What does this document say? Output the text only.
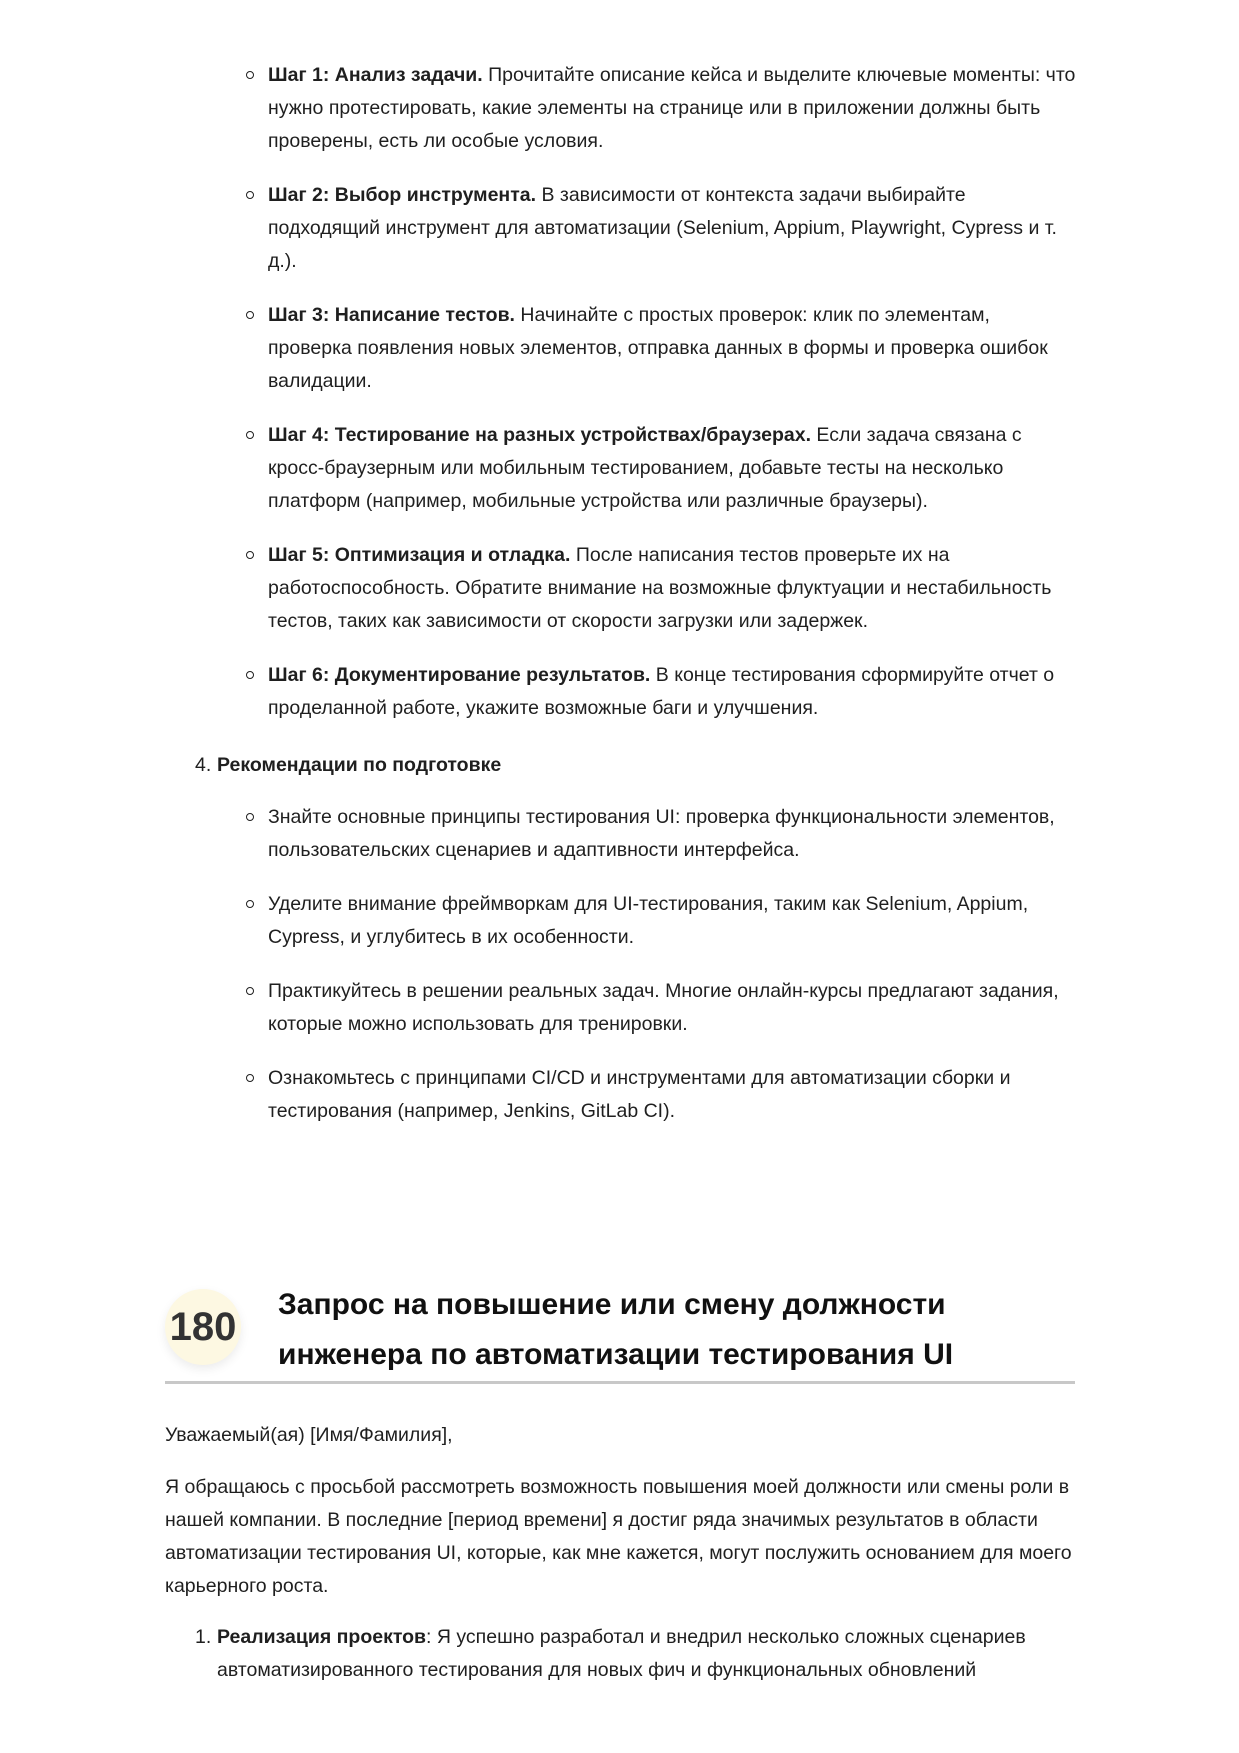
Шаг 1: Анализ задачи. Прочитайте описание кейса и выделите ключевые моменты: что нужно протестировать, какие элементы на странице или в приложении должны быть проверены, есть ли особые условия.
Шаг 2: Выбор инструмента. В зависимости от контекста задачи выбирайте подходящий инструмент для автоматизации (Selenium, Appium, Playwright, Cypress и т. д.).
Шаг 3: Написание тестов. Начинайте с простых проверок: клик по элементам, проверка появления новых элементов, отправка данных в формы и проверка ошибок валидации.
Шаг 4: Тестирование на разных устройствах/браузерах. Если задача связана с кросс-браузерным или мобильным тестированием, добавьте тесты на несколько платформ (например, мобильные устройства или различные браузеры).
Шаг 5: Оптимизация и отладка. После написания тестов проверьте их на работоспособность. Обратите внимание на возможные флуктуации и нестабильность тестов, таких как зависимости от скорости загрузки или задержек.
Шаг 6: Документирование результатов. В конце тестирования сформируйте отчет о проделанной работе, укажите возможные баги и улучшения.

4. Рекомендации по подготовке

Знайте основные принципы тестирования UI: проверка функциональности элементов, пользовательских сценариев и адаптивности интерфейса.
Уделите внимание фреймворкам для UI-тестирования, таким как Selenium, Appium, Cypress, и углубитесь в их особенности.
Практикуйтесь в решении реальных задач. Многие онлайн-курсы предлагают задания, которые можно использовать для тренировки.
Ознакомьтесь с принципами CI/CD и инструментами для автоматизации сборки и тестирования (например, Jenkins, GitLab CI).
180 Запрос на повышение или смену должности
инженера по автоматизации тестирования UI

Уважаемый(ая) [Имя/Фамилия],

Я обращаюсь с просьбой рассмотреть возможность повышения моей должности или смены роли в нашей компании. В последние [период времени] я достиг ряда значимых результатов в области автоматизации тестирования UI, которые, как мне кажется, могут послужить основанием для моего карьерного роста.

1. Реализация проектов: Я успешно разработал и внедрил несколько сложных сценариев автоматизированного тестирования для новых фич и функциональных обновлений
